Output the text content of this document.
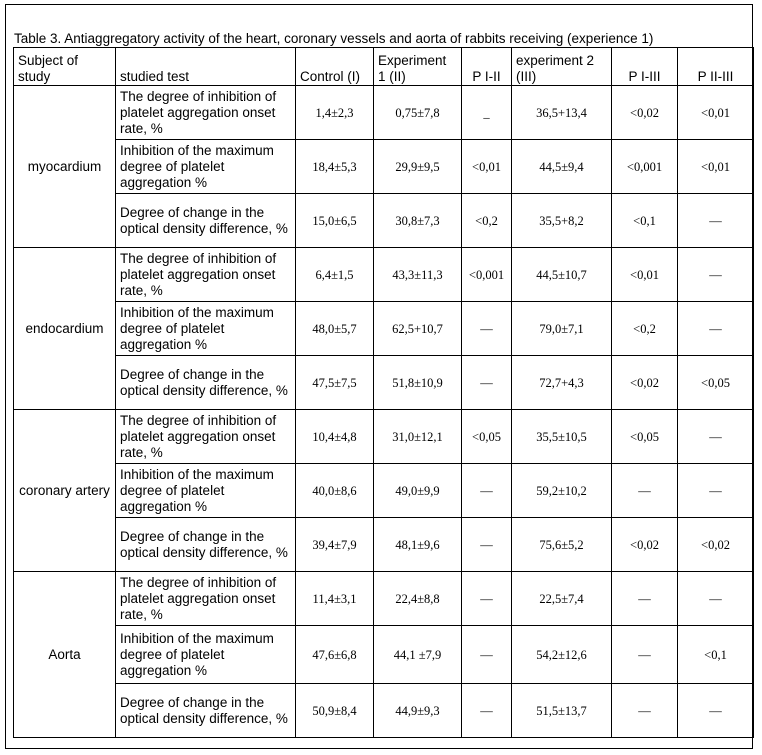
Table 3. Antiaggregatory activity of the heart, coronary vessels and aorta of rabbits receiving (experience 1)
Subject of study	studied test	Control (I)	Experiment 1 (II)	P I-II	experiment 2 (III)	P I-III	P II-III
myocardium	The degree of inhibition of platelet aggregation onset rate, %	1,4±2,3	0,75±7,8	_	36,5+13,4	<0,02	<0,01
	Inhibition of the maximum degree of platelet aggregation %	18,4±5,3	29,9±9,5	<0,01	44,5±9,4	<0,001	<0,01
	Degree of change in the optical density difference, %	15,0±6,5	30,8±7,3	<0,2	35,5+8,2	<0,1	—
endocardium	The degree of inhibition of platelet aggregation onset rate, %	6,4±1,5	43,3±11,3	<0,001	44,5±10,7	<0,01	—
	Inhibition of the maximum degree of platelet aggregation %	48,0±5,7	62,5+10,7	—	79,0±7,1	<0,2	—
	Degree of change in the optical density difference, %	47,5±7,5	51,8±10,9	—	72,7+4,3	<0,02	<0,05
coronary artery	The degree of inhibition of platelet aggregation onset rate, %	10,4±4,8	31,0±12,1	<0,05	35,5±10,5	<0,05	—
	Inhibition of the maximum degree of platelet aggregation %	40,0±8,6	49,0±9,9	—	59,2±10,2	—	—
	Degree of change in the optical density difference, %	39,4±7,9	48,1±9,6	—	75,6±5,2	<0,02	<0,02
Aorta	The degree of inhibition of platelet aggregation onset rate, %	11,4±3,1	22,4±8,8	—	22,5±7,4	—	—
	Inhibition of the maximum degree of platelet aggregation %	47,6±6,8	44,1 ±7,9	—	54,2±12,6	—	<0,1
	Degree of change in the optical density difference, %	50,9±8,4	44,9±9,3	—	51,5±13,7	—	—
